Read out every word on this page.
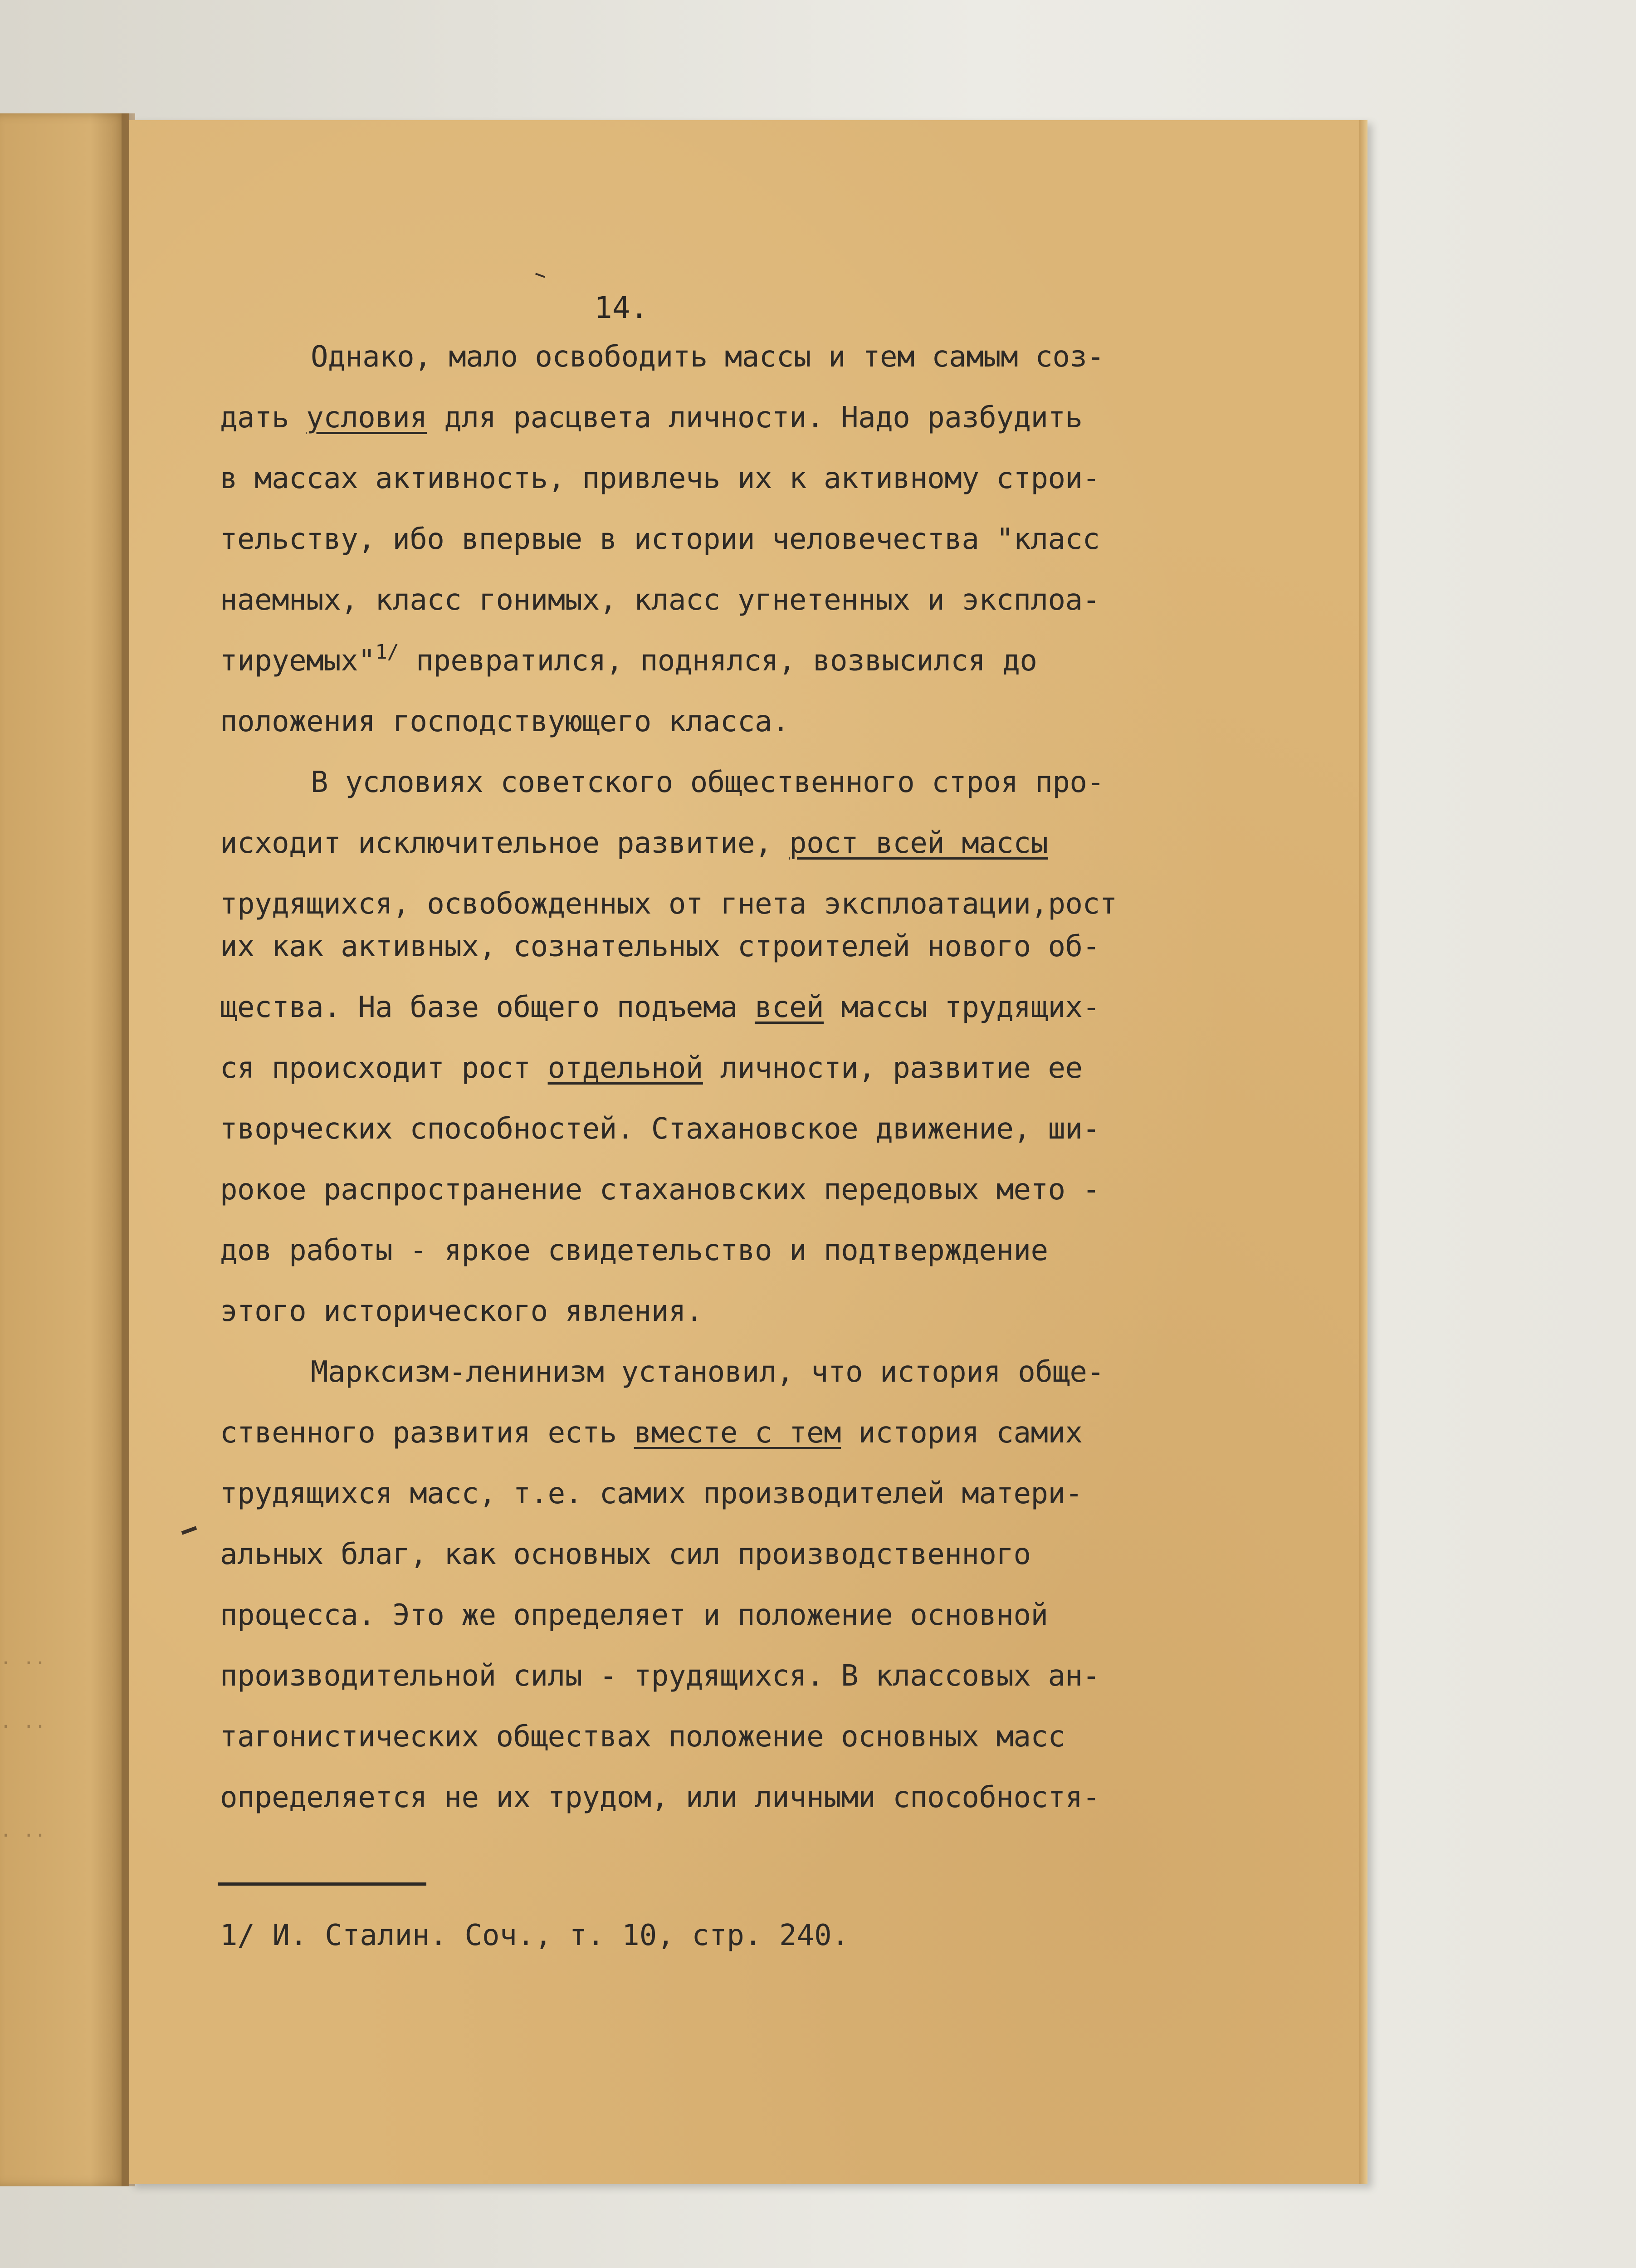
. ..
. ..
. ..
14.
Однако, мало освободить массы и тем самым соз-
дать условия для расцвета личности. Надо разбудить
в массах активность, привлечь их к активному строи-
тельству, ибо впервые в истории человечества "класс
наемных, класс гонимых, класс угнетенных и эксплоа-
тируемых"$^{1/}$ превратился, поднялся, возвысился до
положения господствующего класса.
В условиях советского общественного строя про-
исходит исключительное развитие, рост всей массы
трудящихся, освобожденных от гнета эксплоатации,рост
их как активных, сознательных строителей нового об-
щества. На базе общего подъема всей массы трудящих-
ся происходит рост отдельной личности, развитие ее
творческих способностей. Стахановское движение, ши-
рокое распространение стахановских передовых мето -
дов работы - яркое свидетельство и подтверждение
этого исторического явления.
Марксизм-ленинизм установил, что история обще-
ственного развития есть вместе с тем история самих
трудящихся масс, т.е. самих производителей матери-
альных благ, как основных сил производственного
процесса. Это же определяет и положение основной
производительной силы - трудящихся. В классовых ан-
тагонистических обществах положение основных масс
определяется не их трудом, или личными способностя-
1/ И. Сталин. Соч., т. 10, стр. 240.
